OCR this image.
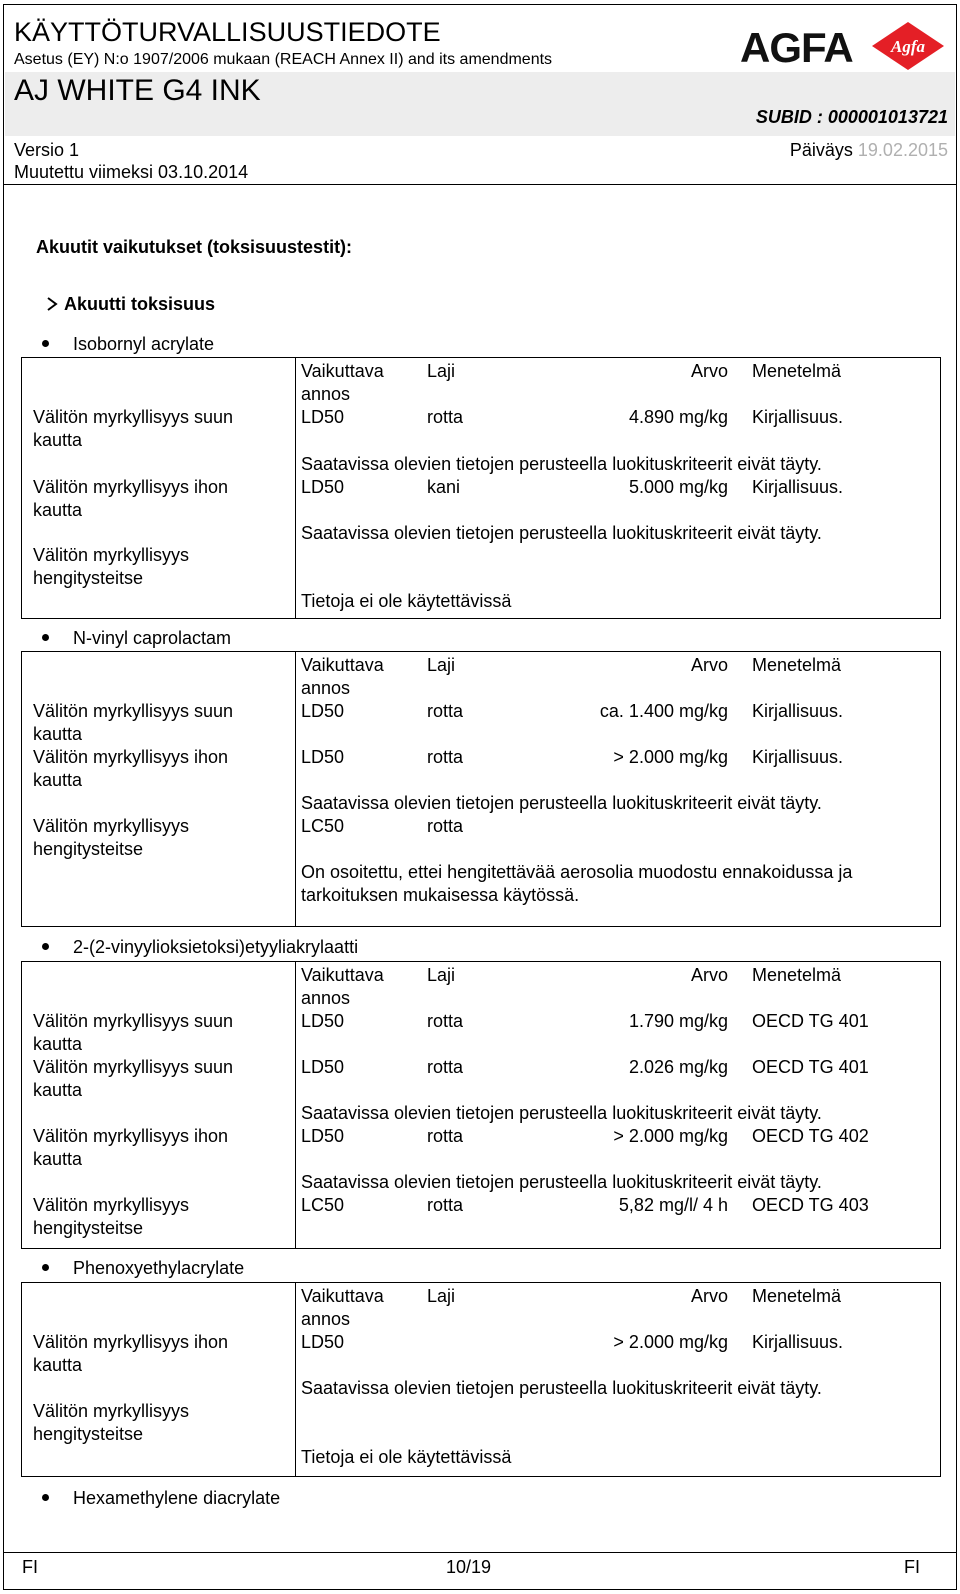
KÄYTTÖTURVALLISUUSTIEDOTE
Asetus (EY) N:o 1907/2006 mukaan (REACH Annex II) and its amendments
AJ WHITE G4 INK
SUBID : 000001013721
Versio 1	Päiväys 19.02.2015
Muutettu viimeksi 03.10.2014
AGFA Agfa
Akuutit vaikutukset (toksisuustestit):
Akuutti toksisuus
Isobornyl acrylate
Vaikuttava
annos
Laji	Arvo Menetelmä
Välitön myrkyllisyys suun kautta
LD50	rotta	4.890 mg/kg Kirjallisuus.
Saatavissa olevien tietojen perusteella luokituskriteerit eivät täyty.
Välitön myrkyllisyys ihon kautta
LD50	kani	5.000 mg/kg Kirjallisuus.
Saatavissa olevien tietojen perusteella luokituskriteerit eivät täyty.
Välitön myrkyllisyys hengitysteitse
Tietoja ei ole käytettävissä
N-vinyl caprolactam
Vaikuttava
annos
Laji	Arvo Menetelmä
Välitön myrkyllisyys suun kautta
LD50	rotta	ca. 1.400 mg/kg Kirjallisuus.
Välitön myrkyllisyys ihon kautta
LD50	rotta	> 2.000 mg/kg Kirjallisuus.
Saatavissa olevien tietojen perusteella luokituskriteerit eivät täyty.
Välitön myrkyllisyys hengitysteitse
LC50	rotta
On osoitettu, ettei hengitettävää aerosolia muodostu ennakoidussa ja
tarkoituksen mukaisessa käytössä.
2-(2-vinyylioksietoksi)etyyliakrylaatti
Vaikuttava
annos
Laji	Arvo Menetelmä
Välitön myrkyllisyys suun kautta
LD50	rotta	1.790 mg/kg OECD TG 401
Välitön myrkyllisyys suun kautta
LD50	rotta	2.026 mg/kg OECD TG 401
Saatavissa olevien tietojen perusteella luokituskriteerit eivät täyty.
Välitön myrkyllisyys ihon kautta
LD50	rotta	> 2.000 mg/kg OECD TG 402
Saatavissa olevien tietojen perusteella luokituskriteerit eivät täyty.
Välitön myrkyllisyys hengitysteitse
LC50	rotta	5,82 mg/l/ 4 h OECD TG 403
Phenoxyethylacrylate
Vaikuttava
annos
Laji	Arvo Menetelmä
Välitön myrkyllisyys ihon kautta
LD50	> 2.000 mg/kg Kirjallisuus.
Saatavissa olevien tietojen perusteella luokituskriteerit eivät täyty.
Välitön myrkyllisyys hengitysteitse
Tietoja ei ole käytettävissä
Hexamethylene diacrylate
FI	10/19	FI
